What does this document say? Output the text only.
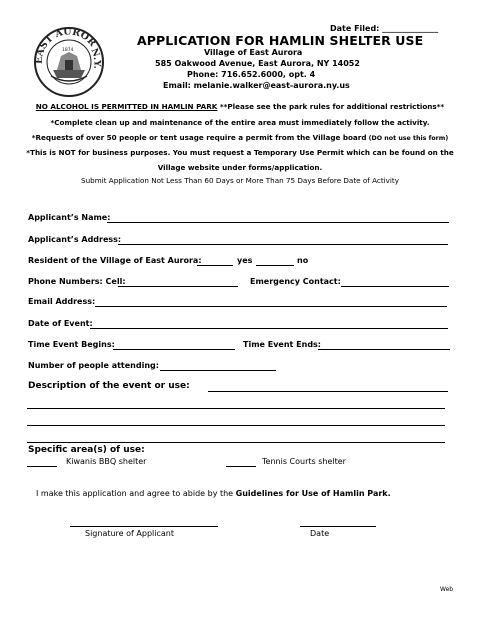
Date Filed: ______________
EAST AUROR
N.Y.
1874
APPLICATION FOR HAMLIN SHELTER USE
Village of East Aurora
585 Oakwood Avenue, East Aurora, NY 14052
Phone: 716.652.6000, opt. 4
Email: melanie.walker@east-aurora.ny.us
NO ALCOHOL IS PERMITTED IN HAMLIN PARK **Please see the park rules for additional restrictions**
*Complete clean up and maintenance of the entire area must immediately follow the activity.
*Requests of over 50 people or tent usage require a permit from the Village board (DO not use this form)
*This is NOT for business purposes. You must request a Temporary Use Permit which can be found on the
Village website under forms/application.
Submit Application Not Less Than 60 Days or More Than 75 Days Before Date of Activity
Applicant’s Name:
Applicant’s Address:
Resident of the Village of East Aurora:	yes	no
Phone Numbers: Cell:	Emergency Contact:
Email Address:
Date of Event:
Time Event Begins:	Time Event Ends:
Number of people attending:
Description of the event or use:
Specific area(s) of use:
Kiwanis BBQ shelter	Tennis Courts shelter
I make this application and agree to abide by the Guidelines for Use of Hamlin Park.
Signature of Applicant	Date
Web
